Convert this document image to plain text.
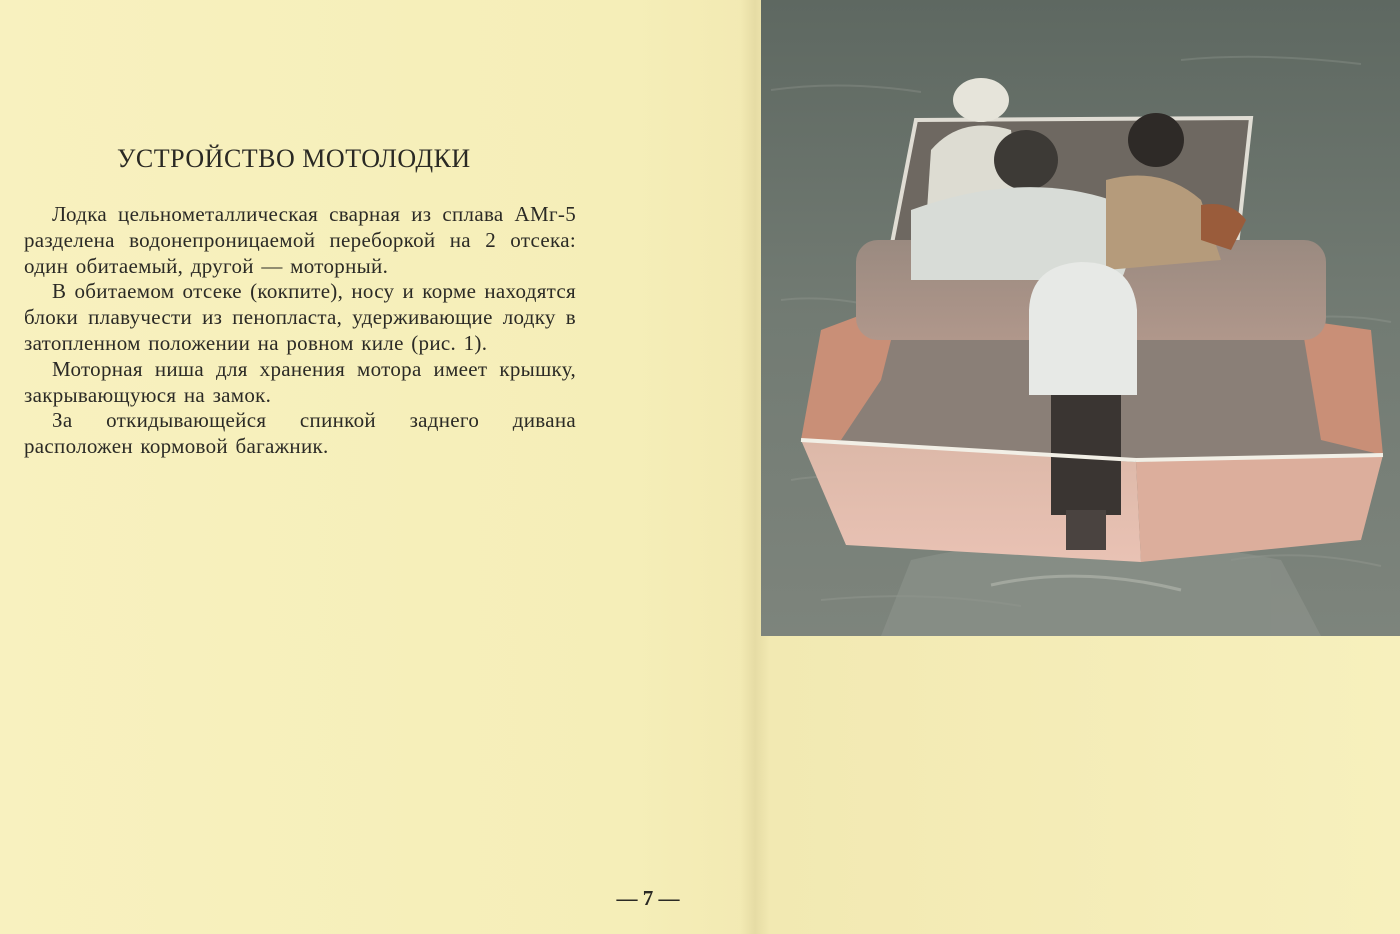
УСТРОЙСТВО МОТОЛОДКИ

Лодка цельнометаллическая сварная из сплава АМг-5 разделена водонепроницаемой переборкой на 2 отсека: один обитаемый, другой — моторный.

В обитаемом отсеке (кокпите), носу и корме находятся блоки плавучести из пенопласта, удерживающие лодку в затопленном положении на ровном киле (рис. 1).

Моторная ниша для хранения мотора имеет крышку, закрывающуюся на замок.

За откидывающейся спинкой заднего дивана расположен кормовой багажник.

— 7 —
